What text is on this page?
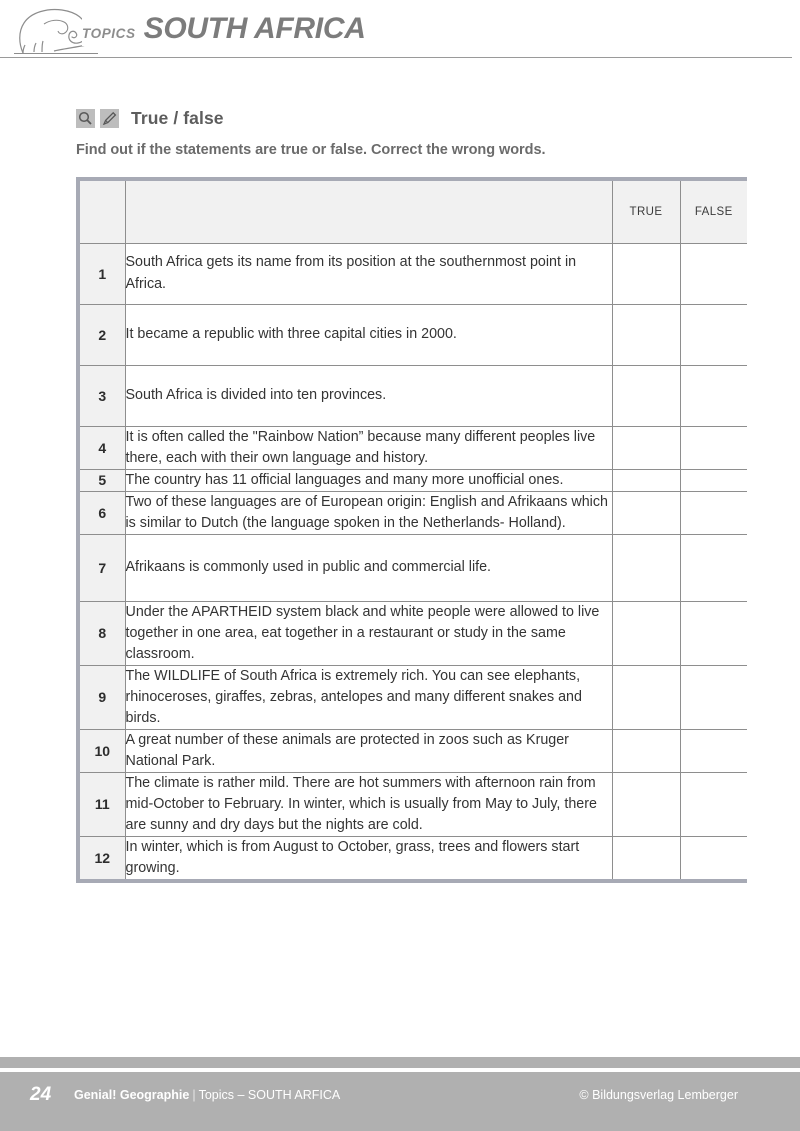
TOPICS SOUTH AFRICA
True / false
Find out if the statements are true or false. Correct the wrong words.
		TRUE	FALSE
1	South Africa gets its name from its position at the southernmost point in Africa.		
2	It became a republic with three capital cities in 2000.		
3	South Africa is divided into ten provinces.		
4	It is often called the "Rainbow Nation” because many different peoples live there, each with their own language and history.		
5	The country has 11 official languages and many more unofficial ones.		
6	Two of these languages are of European origin: English and Afrikaans which is similar to Dutch (the language spoken in the Netherlands- Holland).		
7	Afrikaans is commonly used in public and commercial life.		
8	Under the APARTHEID system black and white people were allowed to live together in one area, eat together in a restaurant or study in the same classroom.		
9	The WILDLIFE of South Africa is extremely rich. You can see elephants, rhinoceroses, giraffes, zebras, antelopes and many different snakes and birds.		
10	A great number of these animals are protected in zoos such as Kruger National Park.		
11	The climate is rather mild. There are hot summers with afternoon rain from mid-October to February. In winter, which is usually from May to July, there are sunny and dry days but the nights are cold.		
12	In winter, which is from August to October, grass, trees and flowers start growing.		
24	Genial! Geographie | Topics – SOUTH ARFICA	© Bildungsverlag Lemberger
